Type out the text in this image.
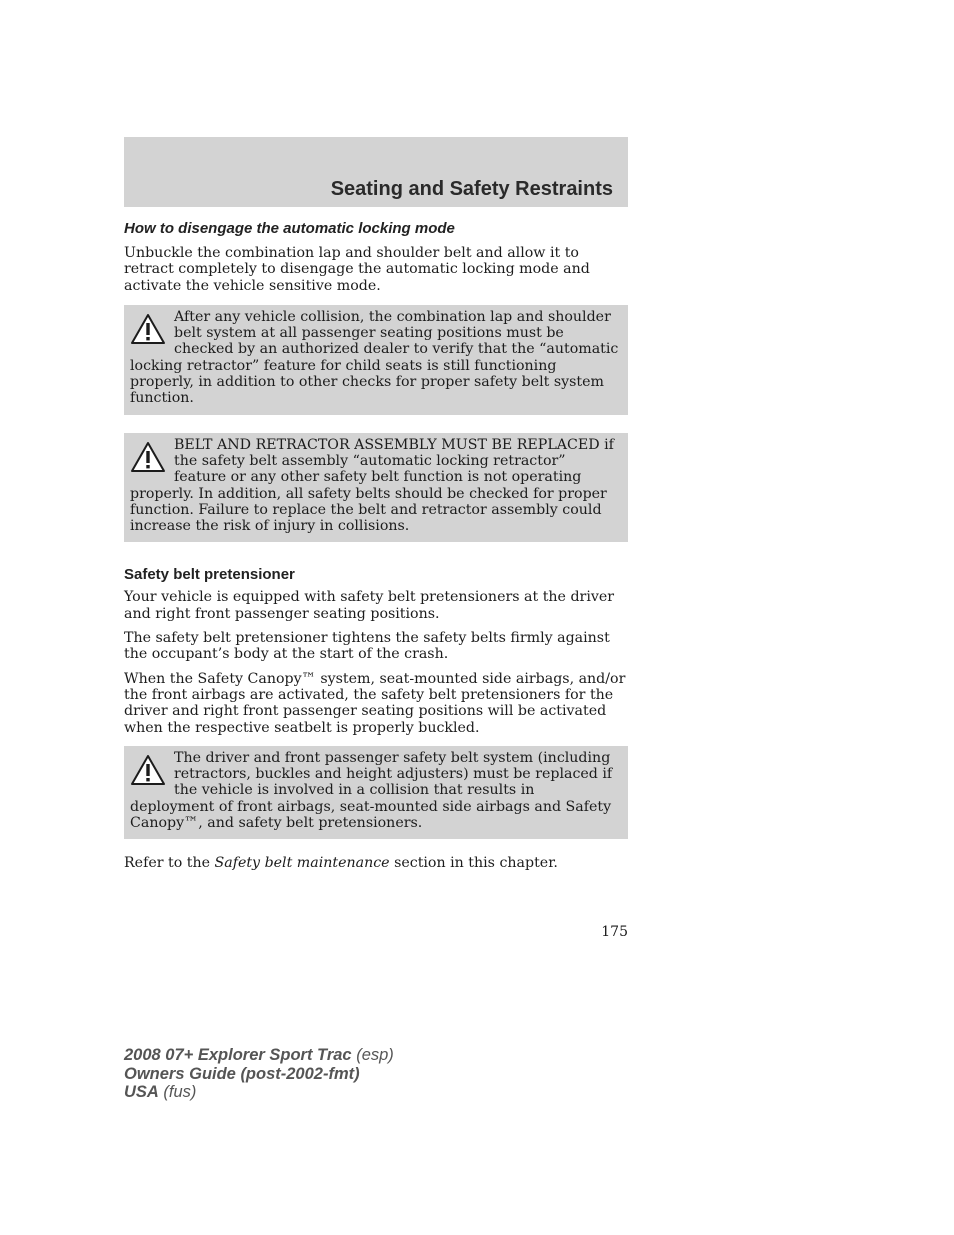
Seating and Safety Restraints
How to disengage the automatic locking mode

Unbuckle the combination lap and shoulder belt and allow it to retract completely to disengage the automatic locking mode and activate the vehicle sensitive mode.

After any vehicle collision, the combination lap and shoulder belt system at all passenger seating positions must be checked by an authorized dealer to verify that the “automatic locking retractor” feature for child seats is still functioning properly, in addition to other checks for proper safety belt system function.

BELT AND RETRACTOR ASSEMBLY MUST BE REPLACED if the safety belt assembly “automatic locking retractor” feature or any other safety belt function is not operating properly. In addition, all safety belts should be checked for proper function. Failure to replace the belt and retractor assembly could increase the risk of injury in collisions.

Safety belt pretensioner

Your vehicle is equipped with safety belt pretensioners at the driver and right front passenger seating positions.

The safety belt pretensioner tightens the safety belts firmly against the occupant’s body at the start of the crash.

When the Safety Canopy™ system, seat-mounted side airbags, and/or the front airbags are activated, the safety belt pretensioners for the driver and right front passenger seating positions will be activated when the respective seatbelt is properly buckled.

The driver and front passenger safety belt system (including retractors, buckles and height adjusters) must be replaced if the vehicle is involved in a collision that results in deployment of front airbags, seat-mounted side airbags and Safety Canopy™, and safety belt pretensioners.

Refer to the Safety belt maintenance section in this chapter.

175
2008 07+ Explorer Sport Trac (esp)
Owners Guide (post-2002-fmt)
USA (fus)
